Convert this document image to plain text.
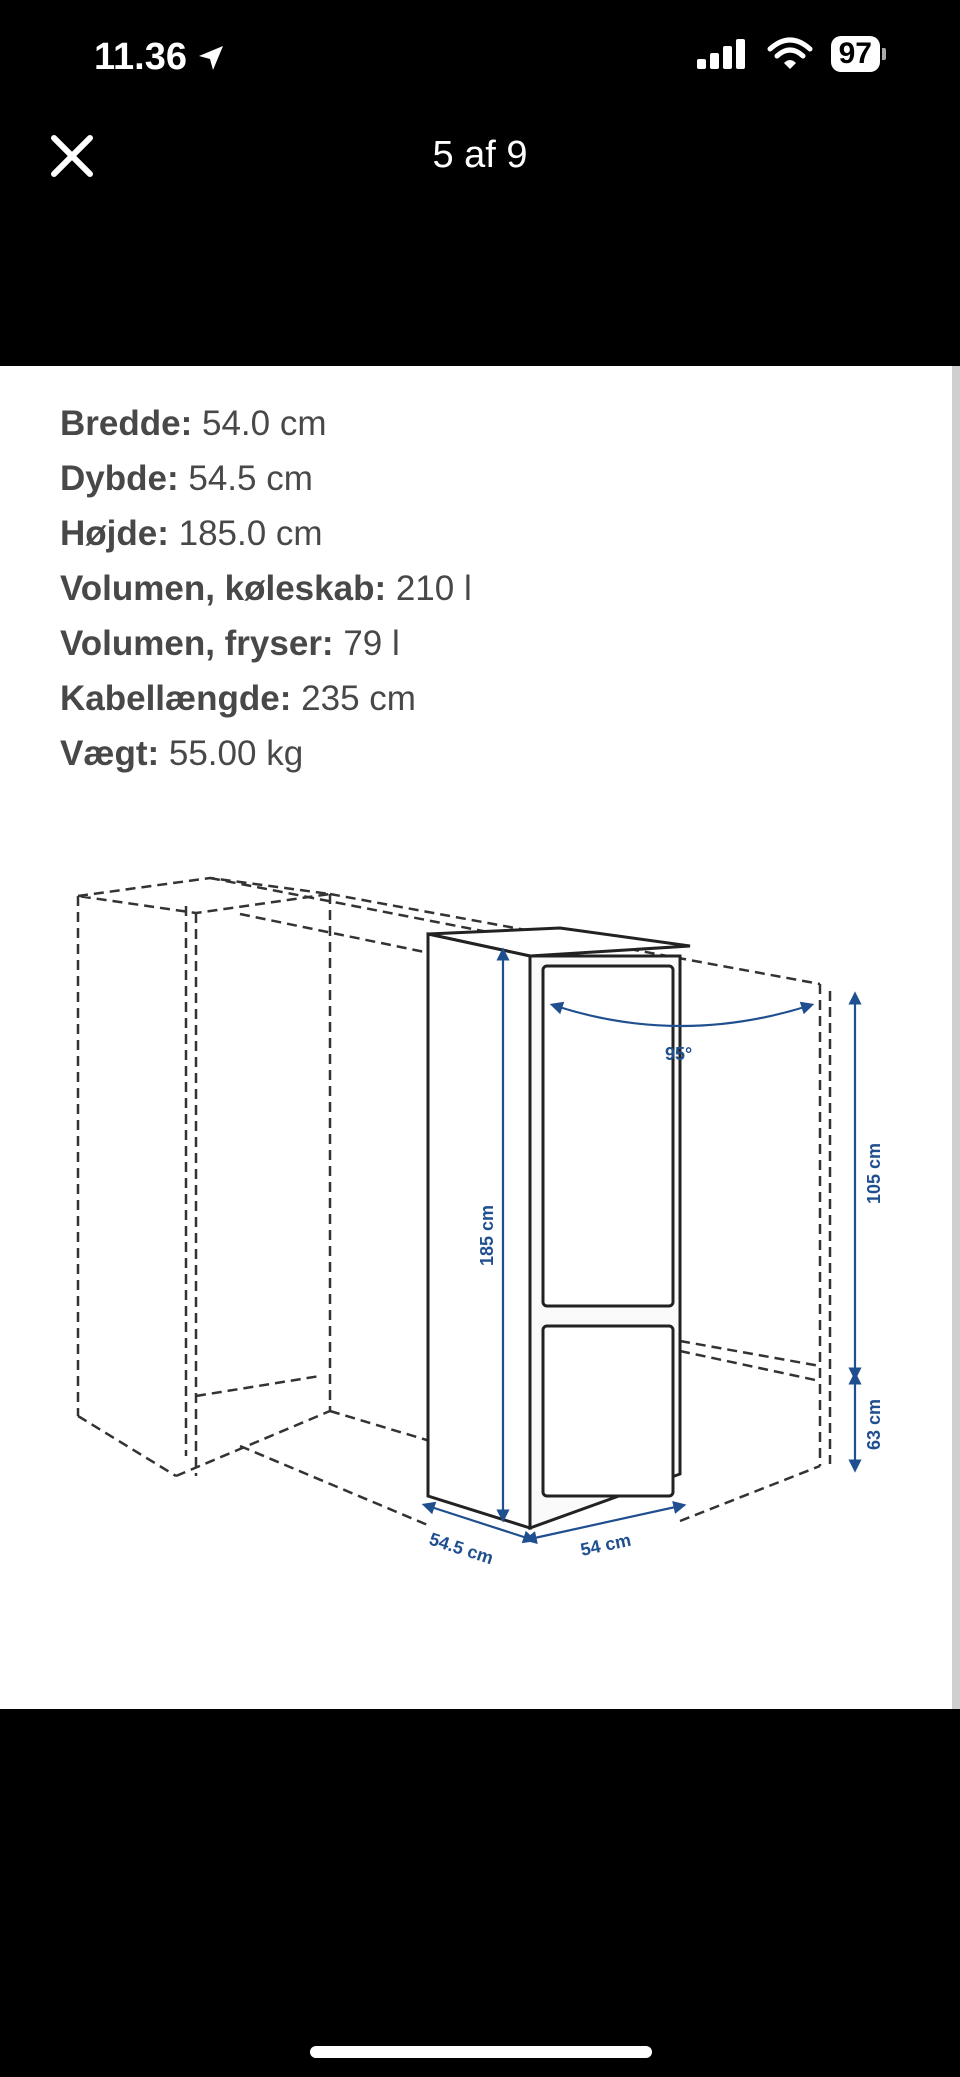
11.36	97
5 af 9
Bredde: 54.0 cm
Dybde: 54.5 cm
Højde: 185.0 cm
Volumen, køleskab: 210 l
Volumen, fryser: 79 l
Kabellængde: 235 cm
Vægt: 55.00 kg
95°
185 cm
105 cm
63 cm
54.5 cm	54 cm
